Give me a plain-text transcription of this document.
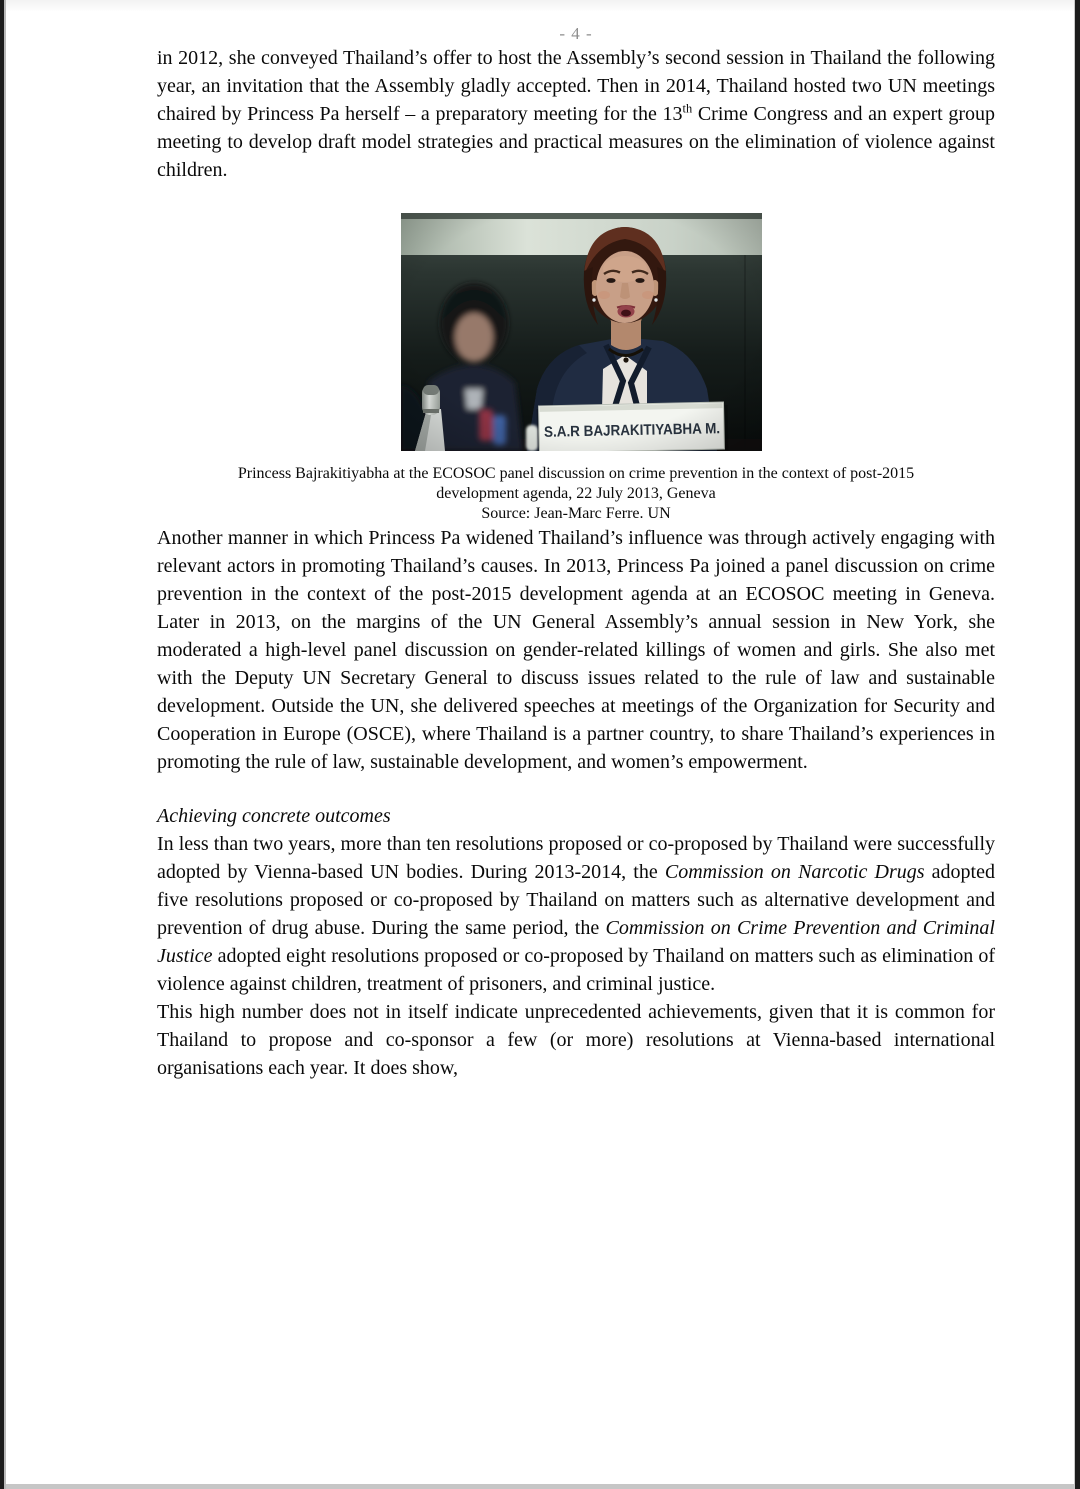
- 4 -

in 2012, she conveyed Thailand’s offer to host the Assembly’s second session in Thailand the following year, an invitation that the Assembly gladly accepted. Then in 2014, Thailand hosted two UN meetings chaired by Princess Pa herself – a preparatory meeting for the 13th Crime Congress and an expert group meeting to develop draft model strategies and practical measures on the elimination of violence against children.

Princess Bajrakitiyabha at the ECOSOC panel discussion on crime prevention in the context of post-2015
development agenda, 22 July 2013, Geneva
Source: Jean-Marc Ferre. UN

Another manner in which Princess Pa widened Thailand’s influence was through actively engaging with relevant actors in promoting Thailand’s causes. In 2013, Princess Pa joined a panel discussion on crime prevention in the context of the post-2015 development agenda at an ECOSOC meeting in Geneva. Later in 2013, on the margins of the UN General Assembly’s annual session in New York, she moderated a high-level panel discussion on gender-related killings of women and girls. She also met with the Deputy UN Secretary General to discuss issues related to the rule of law and sustainable development. Outside the UN, she delivered speeches at meetings of the Organization for Security and Cooperation in Europe (OSCE), where Thailand is a partner country, to share Thailand’s experiences in promoting the rule of law, sustainable development, and women’s empowerment.

Achieving concrete outcomes

In less than two years, more than ten resolutions proposed or co-proposed by Thailand were successfully adopted by Vienna-based UN bodies. During 2013-2014, the Commission on Narcotic Drugs adopted five resolutions proposed or co-proposed by Thailand on matters such as alternative development and prevention of drug abuse. During the same period, the Commission on Crime Prevention and Criminal Justice adopted eight resolutions proposed or co-proposed by Thailand on matters such as elimination of violence against children, treatment of prisoners, and criminal justice.

This high number does not in itself indicate unprecedented achievements, given that it is common for Thailand to propose and co-sponsor a few (or more) resolutions at Vienna-based international organisations each year. It does show,
